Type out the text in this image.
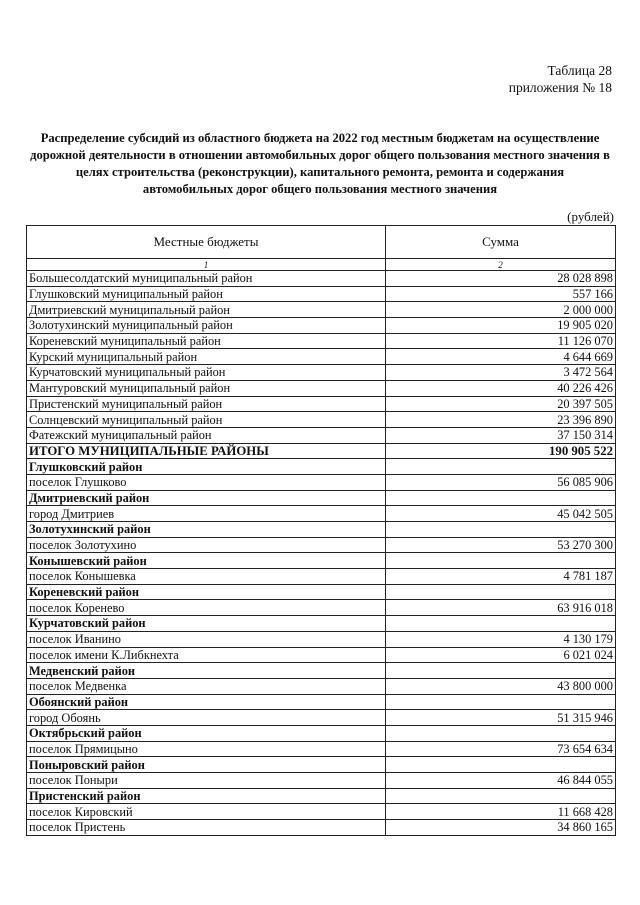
Таблица 28
приложения № 18
Распределение субсидий из областного бюджета на 2022 год местным бюджетам на осуществление дорожной деятельности в отношении автомобильных дорог общего пользования местного значения в целях строительства (реконструкции), капитального ремонта, ремонта и содержания автомобильных дорог общего пользования местного значения
(рублей)
Местные бюджеты	Сумма
1	2
Большесолдатский муниципальный район	28 028 898
Глушковский муниципальный район	557 166
Дмитриевский муниципальный район	2 000 000
Золотухинский муниципальный район	19 905 020
Кореневский муниципальный район	11 126 070
Курский муниципальный район	4 644 669
Курчатовский муниципальный район	3 472 564
Мантуровский муниципальный район	40 226 426
Пристенский муниципальный район	20 397 505
Солнцевский муниципальный район	23 396 890
Фатежский муниципальный район	37 150 314
ИТОГО МУНИЦИПАЛЬНЫЕ РАЙОНЫ	190 905 522
Глушковский район	
поселок Глушково	56 085 906
Дмитриевский район	
город Дмитриев	45 042 505
Золотухинский район	
поселок Золотухино	53 270 300
Конышевский район	
поселок Конышевка	4 781 187
Кореневский район	
поселок Коренево	63 916 018
Курчатовский район	
поселок Иванино	4 130 179
поселок имени К.Либкнехта	6 021 024
Медвенский район	
поселок Медвенка	43 800 000
Обоянский район	
город Обоянь	51 315 946
Октябрьский район	
поселок Прямицыно	73 654 634
Поныровский район	
поселок Поныри	46 844 055
Пристенский район	
поселок Кировский	11 668 428
поселок Пристень	34 860 165
